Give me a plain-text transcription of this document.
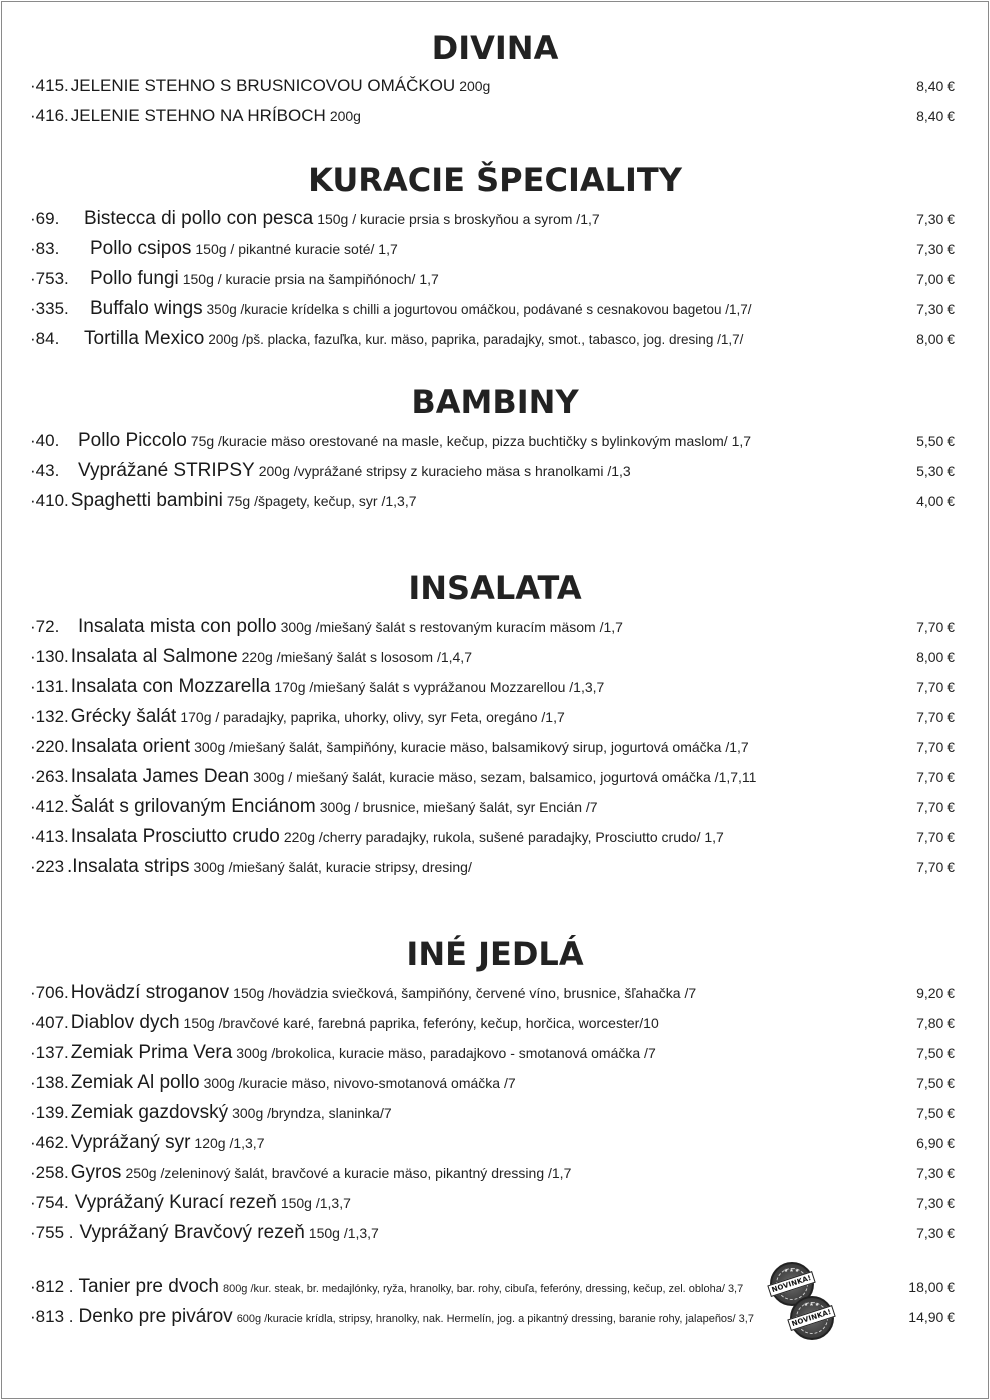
DIVINA
·415. JELENIE STEHNO S BRUSNICOVOU OMÁČKOU 200g	8,40 €
·416. JELENIE STEHNO NA HRÍBOCH 200g	8,40 €
KURACIE ŠPECIALITY
·69.	Bistecca di pollo con pesca 150g / kuracie prsia s broskyňou a syrom /1,7	7,30 €
·83.	Pollo csipos 150g / pikantné kuracie soté/ 1,7	7,30 €
·753.	Pollo fungi 150g / kuracie prsia na šampiňónoch/ 1,7	7,00 €
·335.	Buffalo wings 350g /kuracie krídelka s chilli a jogurtovou omáčkou, podávané s cesnakovou bagetou /1,7/	7,30 €
·84.	Tortilla Mexico 200g /pš. placka, fazuľka, kur. mäso, paprika, paradajky, smot., tabasco, jog. dresing /1,7/	8,00 €
BAMBINY
·40. Pollo Piccolo 75g /kuracie mäso orestované na masle, kečup, pizza buchtičky s bylinkovým maslom/ 1,7	5,50 €
·43. Vyprážané STRIPSY 200g /vyprážané stripsy z kuracieho mäsa s hranolkami /1,3	5,30 €
·410. Spaghetti bambini 75g /špagety, kečup, syr /1,3,7	4,00 €
INSALATA
·72. Insalata mista con pollo 300g /miešaný šalát s restovaným kuracím mäsom /1,7	7,70 €
·130. Insalata al Salmone 220g /miešaný šalát s lososom /1,4,7	8,00 €
·131. Insalata con Mozzarella 170g /miešaný šalát s vyprážanou Mozzarellou /1,3,7	7,70 €
·132. Grécky šalát 170g / paradajky, paprika, uhorky, olivy, syr Feta, oregáno /1,7	7,70 €
·220. Insalata orient 300g /miešaný šalát, šampiňóny, kuracie mäso, balsamikový sirup, jogurtová omáčka /1,7	7,70 €
·263. Insalata James Dean 300g / miešaný šalát, kuracie mäso, sezam, balsamico, jogurtová omáčka /1,7,11	7,70 €
·412. Šalát s grilovaným Enciánom 300g / brusnice, miešaný šalát, syr Encián /7	7,70 €
·413. Insalata Prosciutto crudo 220g /cherry paradajky, rukola, sušené paradajky, Prosciutto crudo/ 1,7	7,70 €
·223 .Insalata strips 300g /miešaný šalát, kuracie stripsy, dresing/	7,70 €
INÉ JEDLÁ
·706. Hovädzí stroganov 150g /hovädzia sviečková, šampiňóny, červené víno, brusnice, šľahačka /7	9,20 €
·407. Diablov dych 150g /bravčové karé, farebná paprika, feferóny, kečup, horčica, worcester/10	7,80 €
·137. Zemiak Prima Vera 300g /brokolica, kuracie mäso, paradajkovo - smotanová omáčka /7	7,50 €
·138. Zemiak Al pollo 300g /kuracie mäso, nivovo-smotanová omáčka /7	7,50 €
·139. Zemiak gazdovský 300g /bryndza, slaninka/7	7,50 €
·462. Vyprážaný syr 120g /1,3,7	6,90 €
·258. Gyros 250g /zeleninový šalát, bravčové a kuracie mäso, pikantný dressing /1,7	7,30 €
·754. Vyprážaný Kurací rezeň 150g /1,3,7	7,30 €
·755 . Vyprážaný Bravčový rezeň 150g /1,3,7	7,30 €
·812 . Tanier pre dvoch 800g /kur. steak, br. medajlónky, ryža, hranolky, bar. rohy, cibuľa, feferóny, dressing, kečup, zel. obloha/ 3,7	18,00 €
★★★
NOVINKA!
·813 . Denko pre pivárov 600g /kuracie krídla, stripsy, hranolky, nak. Hermelín, jog. a pikantný dressing, baranie rohy, jalapeños/ 3,7	14,90 €
★★★
NOVINKA!
